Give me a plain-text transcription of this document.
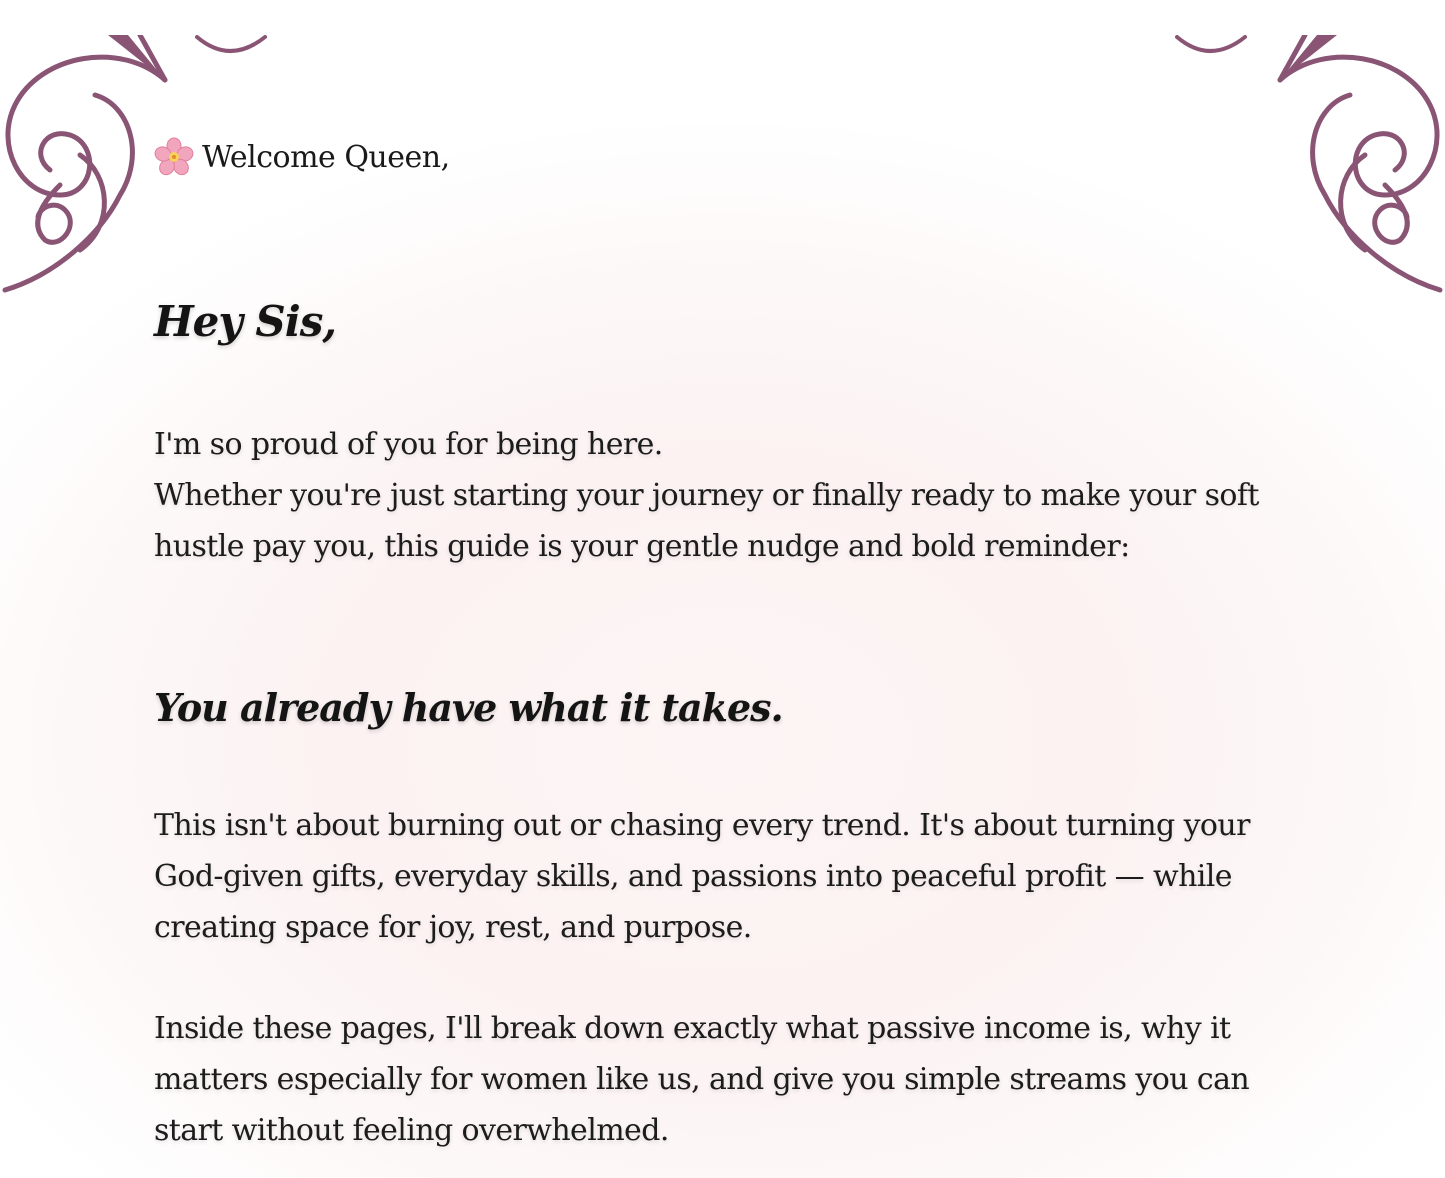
Welcome Queen,
Hey Sis,

I'm so proud of you for being here.

Whether you're just starting your journey or finally ready to make your soft hustle pay you, this guide is your gentle nudge and bold reminder:

You already have what it takes.

This isn't about burning out or chasing every trend. It's about turning your God-given gifts, everyday skills, and passions into peaceful profit — while creating space for joy, rest, and purpose.

Inside these pages, I'll break down exactly what passive income is, why it matters especially for women like us, and give you simple streams you can start without feeling overwhelmed.
